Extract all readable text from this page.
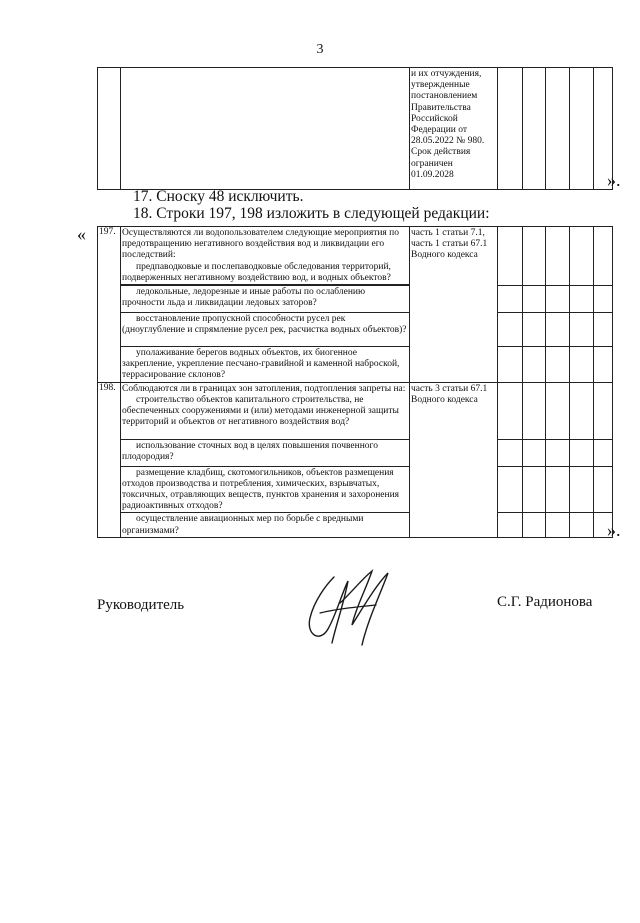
3
		и их отчуждения, утвержденные постановлением Правительства Российской Федерации от 28.05.2022 № 980. Срок действия ограничен 01.09.2028						».
17. Сноску 48 исключить.
18. Строки 197, 198 изложить в следующей редакции:
« 197.	Осуществляются ли водопользователем следующие мероприятия по предотвращению негативного воздействия вод и ликвидации его последствий:
предпаводковые и послепаводковые обследования территорий, подверженных негативному воздействию вод, и водных объектов?	часть 1 статьи 7.1, часть 1 статьи 67.1 Водного кодекса					

	ледокольные, ледорезные и иные работы по ослаблению прочности льда и ликвидации ледовых заторов?						
	восстановление пропускной способности русел рек (дноуглубление и спрямление русел рек, расчистка водных объектов)?						
	уполаживание берегов водных объектов, их биогенное закрепление, укрепление песчано-гравийной и каменной наброской, террасирование склонов?						
198.	Соблюдаются ли в границах зон затопления, подтопления запреты на:
строительство объектов капитального строительства, не обеспеченных сооружениями и (или) методами инженерной защиты территорий и объектов от негативного воздействия вод?	часть 3 статьи 67.1 Водного кодекса					
	использование сточных вод в целях повышения почвенного плодородия?						
	размещение кладбищ, скотомогильников, объектов размещения отходов производства и потребления, химических, взрывчатых, токсичных, отравляющих веществ, пунктов хранения и захоронения радиоактивных отходов?						
	осуществление авиационных мер по борьбе с вредными организмами?							».
Руководитель	С.Г. Радионова
